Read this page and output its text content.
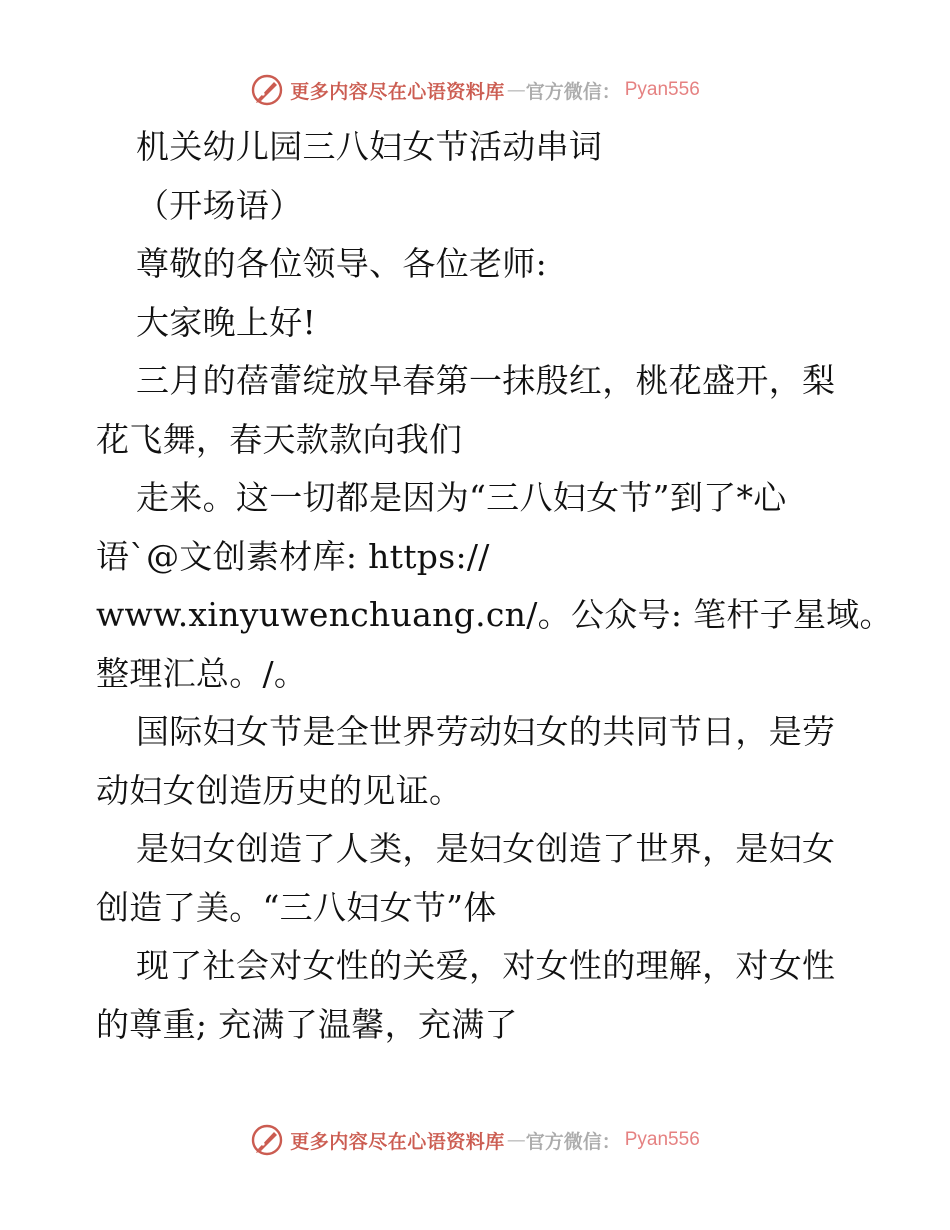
更多内容尽在心语资料库 — 官方微信： Pyan556
机关幼儿园三八妇女节活动串词
（开场语）
尊敬的各位领导、各位老师:
大家晚上好!
三月的蓓蕾绽放早春第一抹殷红，桃花盛开，梨
花飞舞，春天款款向我们
走来。这一切都是因为“三八妇女节”到了*心
语`@文创素材库: https://
www.xinyuwenchuang.cn/。公众号: 笔杆子星域。
整理汇总。/。
国际妇女节是全世界劳动妇女的共同节日，是劳
动妇女创造历史的见证。
是妇女创造了人类，是妇女创造了世界，是妇女
创造了美。“三八妇女节”体
现了社会对女性的关爱，对女性的理解，对女性
的尊重; 充满了温馨，充满了
更多内容尽在心语资料库 — 官方微信： Pyan556
